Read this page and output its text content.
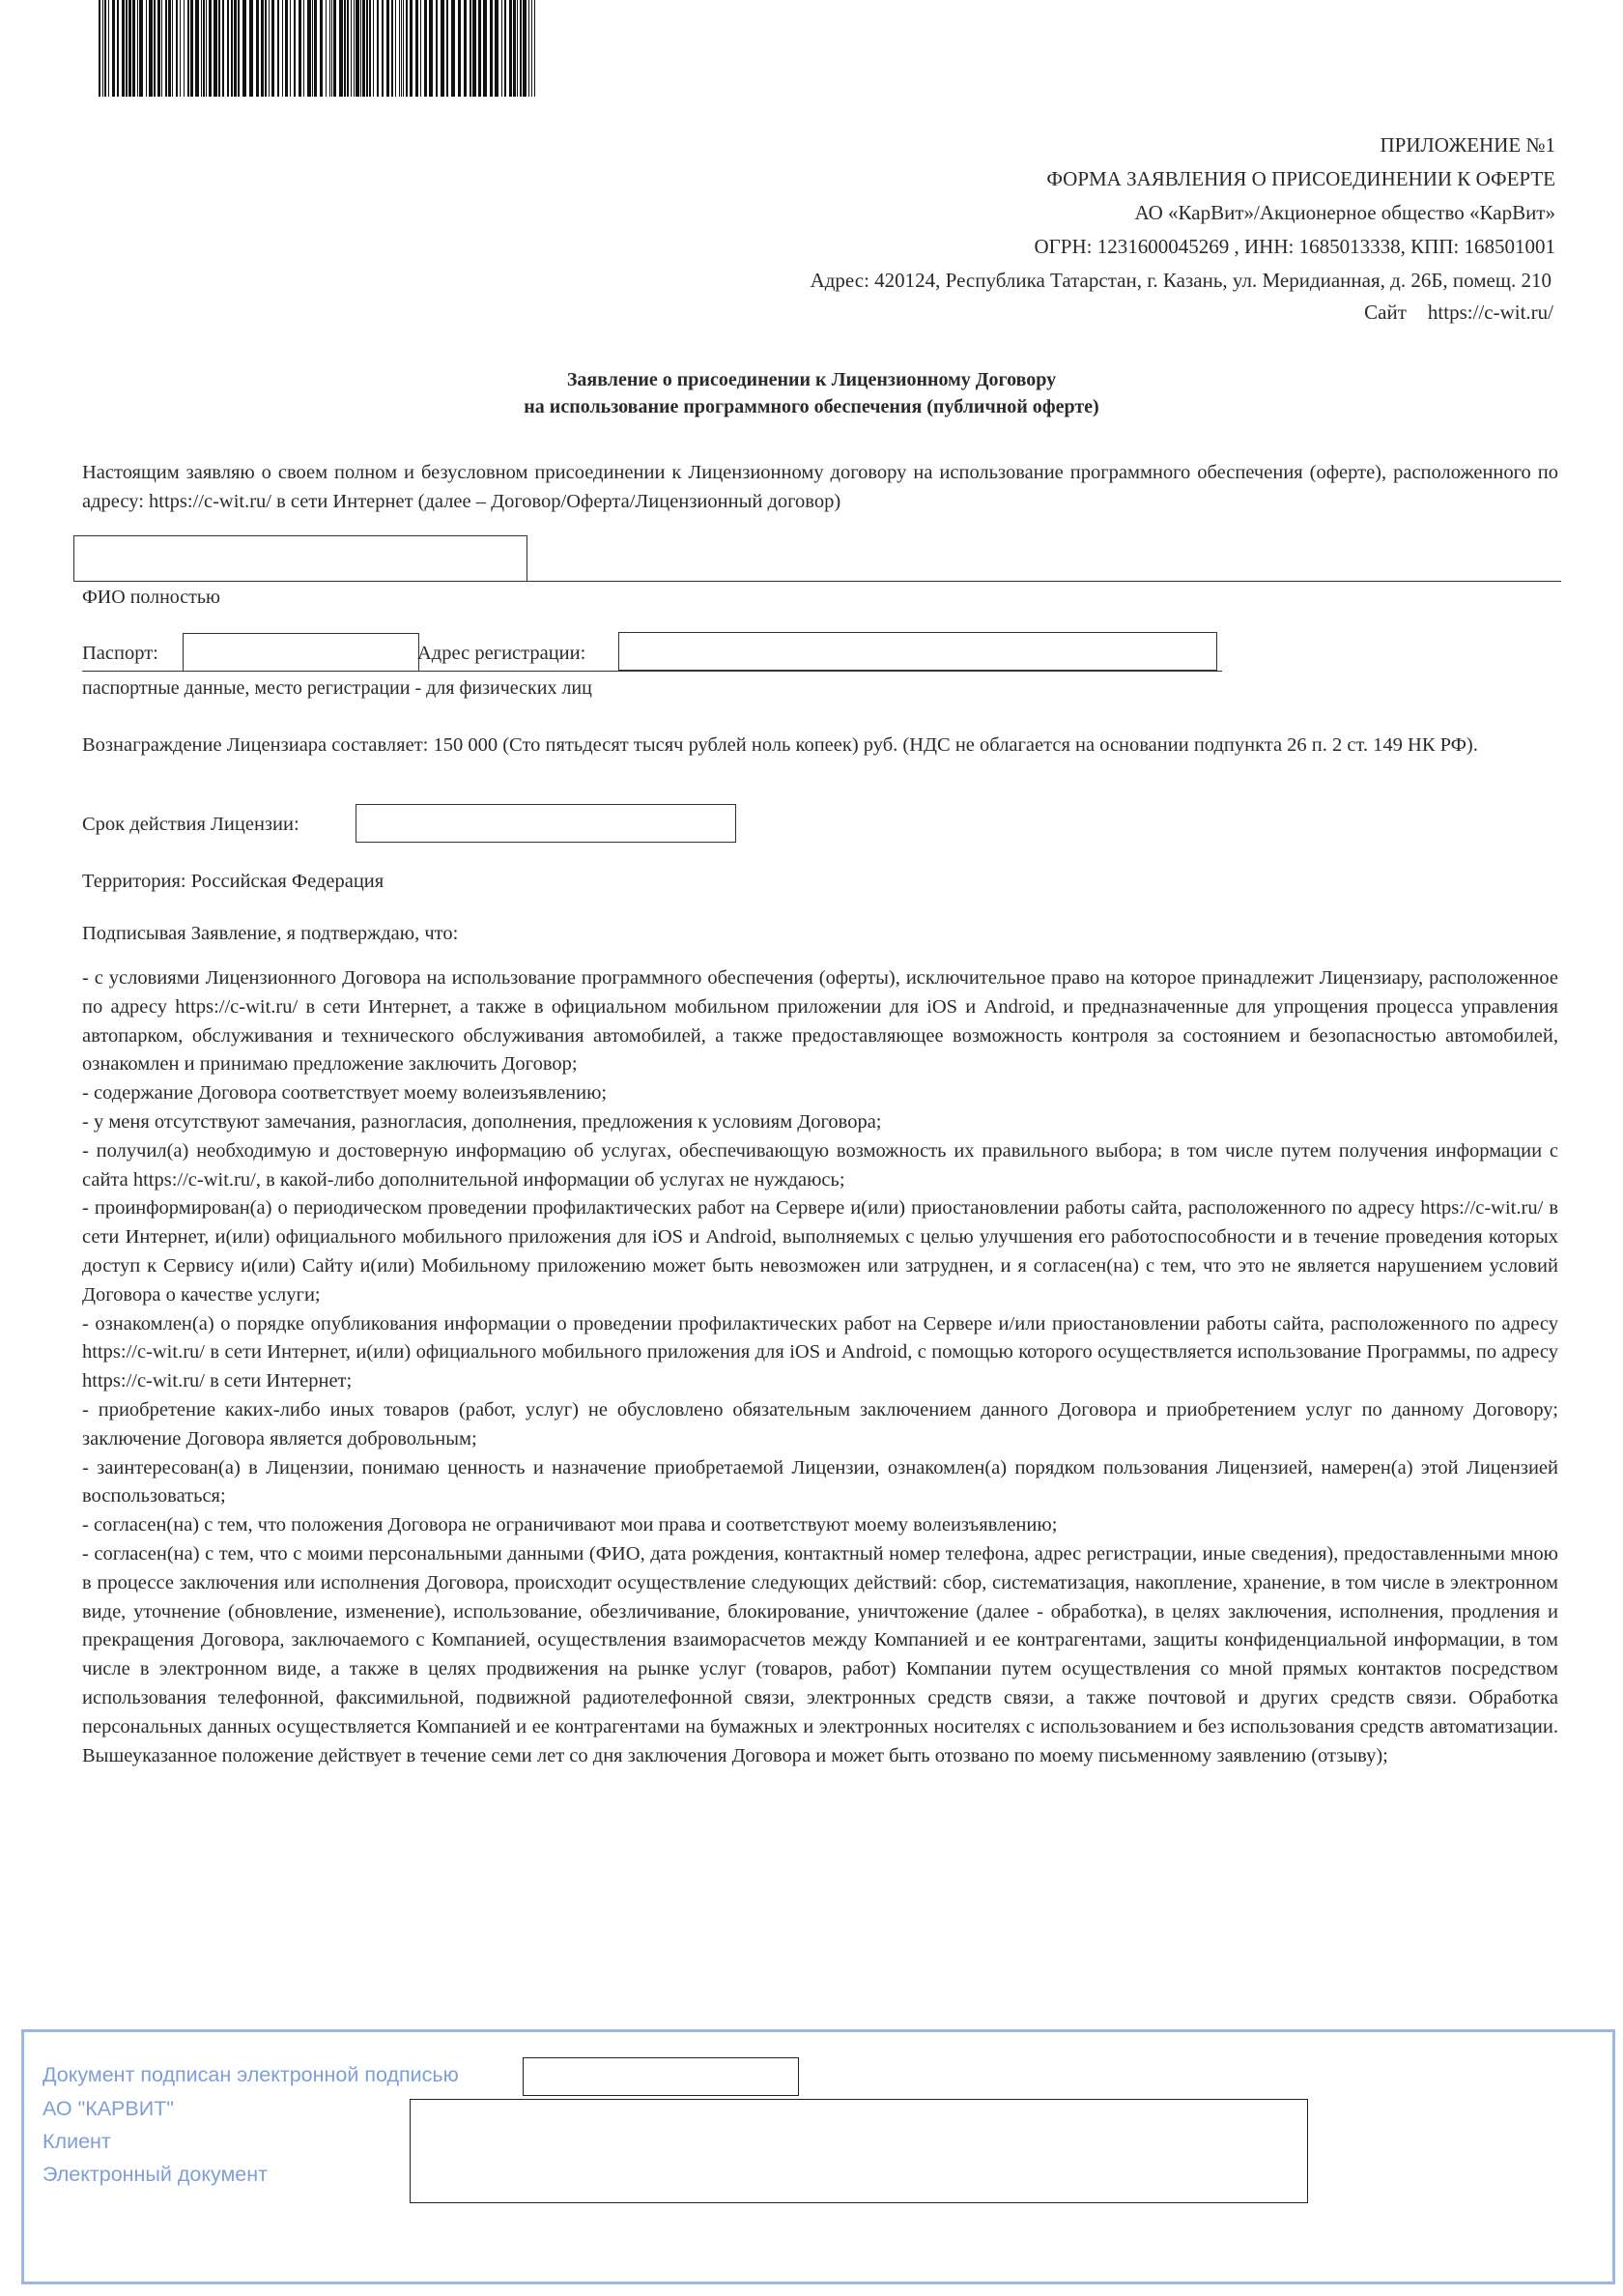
ПРИЛОЖЕНИЕ №1
ФОРМА ЗАЯВЛЕНИЯ О ПРИСОЕДИНЕНИИ К ОФЕРТЕ
АО «КарВит»/Акционерное общество «КарВит»
ОГРН: 1231600045269 , ИНН: 1685013338, КПП: 168501001
Адрес: 420124, Республика Татарстан, г. Казань, ул. Меридианная, д. 26Б, помещ. 210
Сайт https://c-wit.ru/
Заявление о присоединении к Лицензионному Договору
на использование программного обеспечения (публичной оферте)
Настоящим заявляю о своем полном и безусловном присоединении к Лицензионному договору на использование программного обеспечения (оферте), расположенного по адресу: https://c-wit.ru/ в сети Интернет (далее – Договор/Оферта/Лицензионный договор)
ФИО полностью
Паспорт:	Адрес регистрации:
паспортные данные, место регистрации - для физических лиц
Вознаграждение Лицензиара составляет: 150 000 (Сто пятьдесят тысяч рублей ноль копеек) руб. (НДС не облагается на основании подпункта 26 п. 2 ст. 149 НК РФ).
Срок действия Лицензии:
Территория: Российская Федерация
Подписывая Заявление, я подтверждаю, что:

- с условиями Лицензионного Договора на использование программного обеспечения (оферты), исключительное право на которое принадлежит Лицензиару, расположенное по адресу https://c-wit.ru/ в сети Интернет, а также в официальном мобильном приложении для iOS и Android, и предназначенные для упрощения процесса управления автопарком, обслуживания и технического обслуживания автомобилей, а также предоставляющее возможность контроля за состоянием и безопасностью автомобилей, ознакомлен и принимаю предложение заключить Договор;

- содержание Договора соответствует моему волеизъявлению;

- у меня отсутствуют замечания, разногласия, дополнения, предложения к условиям Договора;

- получил(а) необходимую и достоверную информацию об услугах, обеспечивающую возможность их правильного выбора; в том числе путем получения информации с сайта https://c-wit.ru/, в какой-либо дополнительной информации об услугах не нуждаюсь;

- проинформирован(а) о периодическом проведении профилактических работ на Сервере и(или) приостановлении работы сайта, расположенного по адресу https://c-wit.ru/ в сети Интернет, и(или) официального мобильного приложения для iOS и Android, выполняемых с целью улучшения его работоспособности и в течение проведения которых доступ к Сервису и(или) Сайту и(или) Мобильному приложению может быть невозможен или затруднен, и я согласен(на) с тем, что это не является нарушением условий Договора о качестве услуги;

- ознакомлен(а) о порядке опубликования информации о проведении профилактических работ на Сервере и/или приостановлении работы сайта, расположенного по адресу https://c-wit.ru/ в сети Интернет, и(или) официального мобильного приложения для iOS и Android, с помощью которого осуществляется использование Программы, по адресу https://c-wit.ru/ в сети Интернет;

- приобретение каких-либо иных товаров (работ, услуг) не обусловлено обязательным заключением данного Договора и приобретением услуг по данному Договору; заключение Договора является добровольным;

- заинтересован(а) в Лицензии, понимаю ценность и назначение приобретаемой Лицензии, ознакомлен(а) порядком пользования Лицензией, намерен(а) этой Лицензией воспользоваться;

- согласен(на) с тем, что положения Договора не ограничивают мои права и соответствуют моему волеизъявлению;

- согласен(на) с тем, что с моими персональными данными (ФИО, дата рождения, контактный номер телефона, адрес регистрации, иные сведения), предоставленными мною в процессе заключения или исполнения Договора, происходит осуществление следующих действий: сбор, систематизация, накопление, хранение, в том числе в электронном виде, уточнение (обновление, изменение), использование, обезличивание, блокирование, уничтожение (далее - обработка), в целях заключения, исполнения, продления и прекращения Договора, заключаемого с Компанией, осуществления взаиморасчетов между Компанией и ее контрагентами, защиты конфиденциальной информации, в том числе в электронном виде, а также в целях продвижения на рынке услуг (товаров, работ) Компании путем осуществления со мной прямых контактов посредством использования телефонной, факсимильной, подвижной радиотелефонной связи, электронных средств связи, а также почтовой и других средств связи. Обработка персональных данных осуществляется Компанией и ее контрагентами на бумажных и электронных носителях с использованием и без использования средств автоматизации. Вышеуказанное положение действует в течение семи лет со дня заключения Договора и может быть отозвано по моему письменному заявлению (отзыву);

Документ подписан электронной подписью
АО "КАРВИТ"
Клиент
Электронный документ
